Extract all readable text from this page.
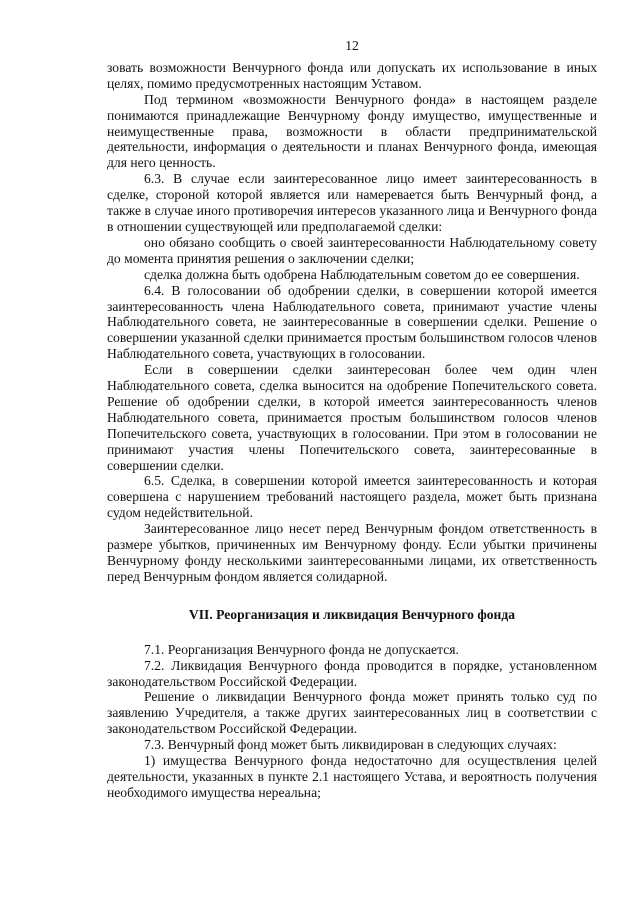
12

зовать возможности Венчурного фонда или допускать их использование в иных целях, помимо предусмотренных настоящим Уставом.

Под термином «возможности Венчурного фонда» в настоящем разделе понимаются принадлежащие Венчурному фонду имущество, имущественные и неимущественные права, возможности в области предпринимательской деятельности, информация о деятельности и планах Венчурного фонда, имеющая для него ценность.

6.3. В случае если заинтересованное лицо имеет заинтересованность в сделке, стороной которой является или намеревается быть Венчурный фонд, а также в случае иного противоречия интересов указанного лица и Венчурного фонда в отношении существующей или предполагаемой сделки:

оно обязано сообщить о своей заинтересованности Наблюдательному совету до момента принятия решения о заключении сделки;

сделка должна быть одобрена Наблюдательным советом до ее совершения.

6.4. В голосовании об одобрении сделки, в совершении которой имеется заинтересованность члена Наблюдательного совета, принимают участие члены Наблюдательного совета, не заинтересованные в совершении сделки. Решение о совершении указанной сделки принимается простым большинством голосов членов Наблюдательного совета, участвующих в голосовании.

Если в совершении сделки заинтересован более чем один член Наблюдательного совета, сделка выносится на одобрение Попечительского совета. Решение об одобрении сделки, в которой имеется заинтересованность членов Наблюдательного совета, принимается простым большинством голосов членов Попечительского совета, участвующих в голосовании. При этом в голосовании не принимают участия члены Попечительского совета, заинтересованные в совершении сделки.

6.5. Сделка, в совершении которой имеется заинтересованность и которая совершена с нарушением требований настоящего раздела, может быть признана судом недействительной.

Заинтересованное лицо несет перед Венчурным фондом ответственность в размере убытков, причиненных им Венчурному фонду. Если убытки причинены Венчурному фонду несколькими заинтересованными лицами, их ответственность перед Венчурным фондом является солидарной.

VII. Реорганизация и ликвидация Венчурного фонда

7.1. Реорганизация Венчурного фонда не допускается.

7.2. Ликвидация Венчурного фонда проводится в порядке, установленном законодательством Российской Федерации.

Решение о ликвидации Венчурного фонда может принять только суд по заявлению Учредителя, а также других заинтересованных лиц в соответствии с законодательством Российской Федерации.

7.3. Венчурный фонд может быть ликвидирован в следующих случаях:

1) имущества Венчурного фонда недостаточно для осуществления целей деятельности, указанных в пункте 2.1 настоящего Устава, и вероятность получения необходимого имущества нереальна;
